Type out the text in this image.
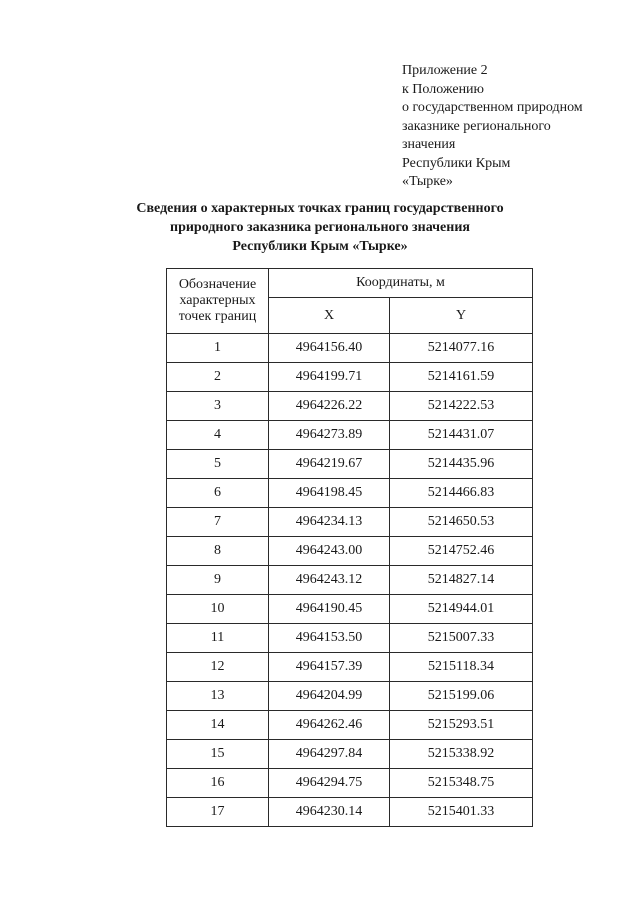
Приложение 2
к Положению
о государственном природном
заказнике регионального
значения
Республики Крым
«Тырке»
Сведения о характерных точках границ государственного
природного заказника регионального значения
Республики Крым «Тырке»
Обозначение
характерных
точек границ	Координаты, м	
	X	Y
1	4964156.40	5214077.16
2	4964199.71	5214161.59
3	4964226.22	5214222.53
4	4964273.89	5214431.07
5	4964219.67	5214435.96
6	4964198.45	5214466.83
7	4964234.13	5214650.53
8	4964243.00	5214752.46
9	4964243.12	5214827.14
10	4964190.45	5214944.01
11	4964153.50	5215007.33
12	4964157.39	5215118.34
13	4964204.99	5215199.06
14	4964262.46	5215293.51
15	4964297.84	5215338.92
16	4964294.75	5215348.75
17	4964230.14	5215401.33
